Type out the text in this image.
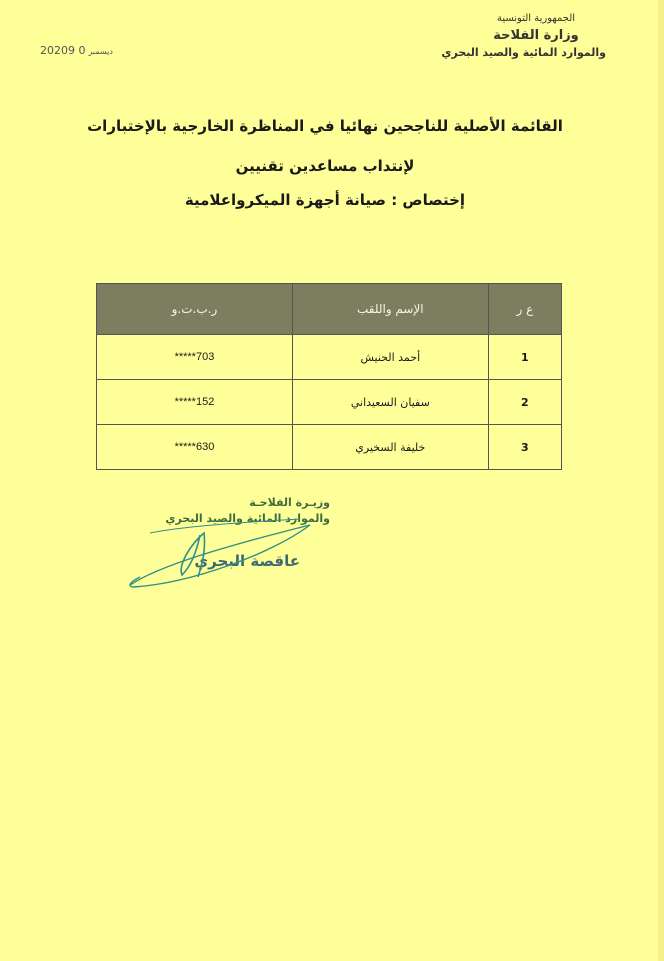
الجمهورية التونسية
وزارة الفلاحة
والموارد المائية والصيد البحري
2020	ديسمبر0 9
القائمة الأصلية للناجحين نهائيا في المناظرة الخارجية بالإختبارات
لإنتداب مساعدين تقنيين
إختصاص : صيانة أجهزة الميكرواعلامية
ع ر	الإسم واللقب	ر.ب.ت.و
1	أحمد الحنيش	*****703
2	سفيان السعيداني	*****152
3	خليفة السخيري	*****630
وزيـرة الفلاحـة
والموارد المائية والصيد البحري
عاقصة البحري
